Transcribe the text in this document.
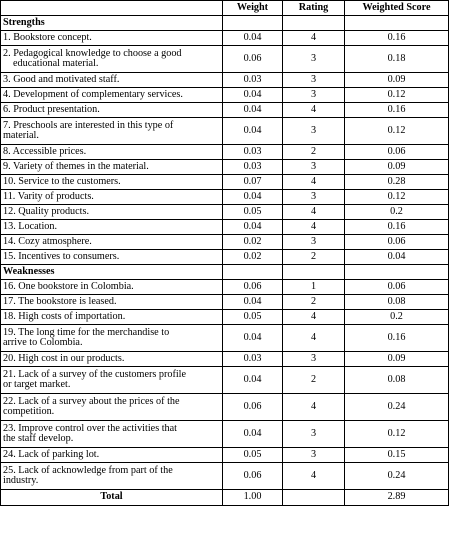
	Weight	Rating	Weighted Score
Strengths			
1. Bookstore concept.	0.04	4	0.16

2. Pedagogical knowledge to choose a good
educational material.	0.06	3	0.18
3. Good and motivated staff.	0.03	3	0.09
4. Development of complementary services.	0.04	3	0.12
6. Product presentation.	0.04	4	0.16

7. Preschools are interested in this type of
material.	0.04	3	0.12
8. Accessible prices.	0.03	2	0.06
9. Variety of themes in the material.	0.03	3	0.09
10. Service to the customers.	0.07	4	0.28
11. Varity of products.	0.04	3	0.12
12. Quality products.	0.05	4	0.2
13. Location.	0.04	4	0.16
14. Cozy atmosphere.	0.02	3	0.06
15. Incentives to consumers.	0.02	2	0.04
Weaknesses			
16. One bookstore in Colombia.	0.06	1	0.06
17. The bookstore is leased.	0.04	2	0.08
18. High costs of importation.	0.05	4	0.2

19. The long time for the merchandise to
arrive to Colombia.	0.04	4	0.16
20. High cost in our products.	0.03	3	0.09

21. Lack of a survey of the customers profile
or target market.	0.04	2	0.08

22. Lack of a survey about the prices of the
competition.	0.06	4	0.24

23. Improve control over the activities that
the staff develop.	0.04	3	0.12
24. Lack of parking lot.	0.05	3	0.15

25. Lack of acknowledge from part of the
industry.	0.06	4	0.24
Total	1.00		2.89
